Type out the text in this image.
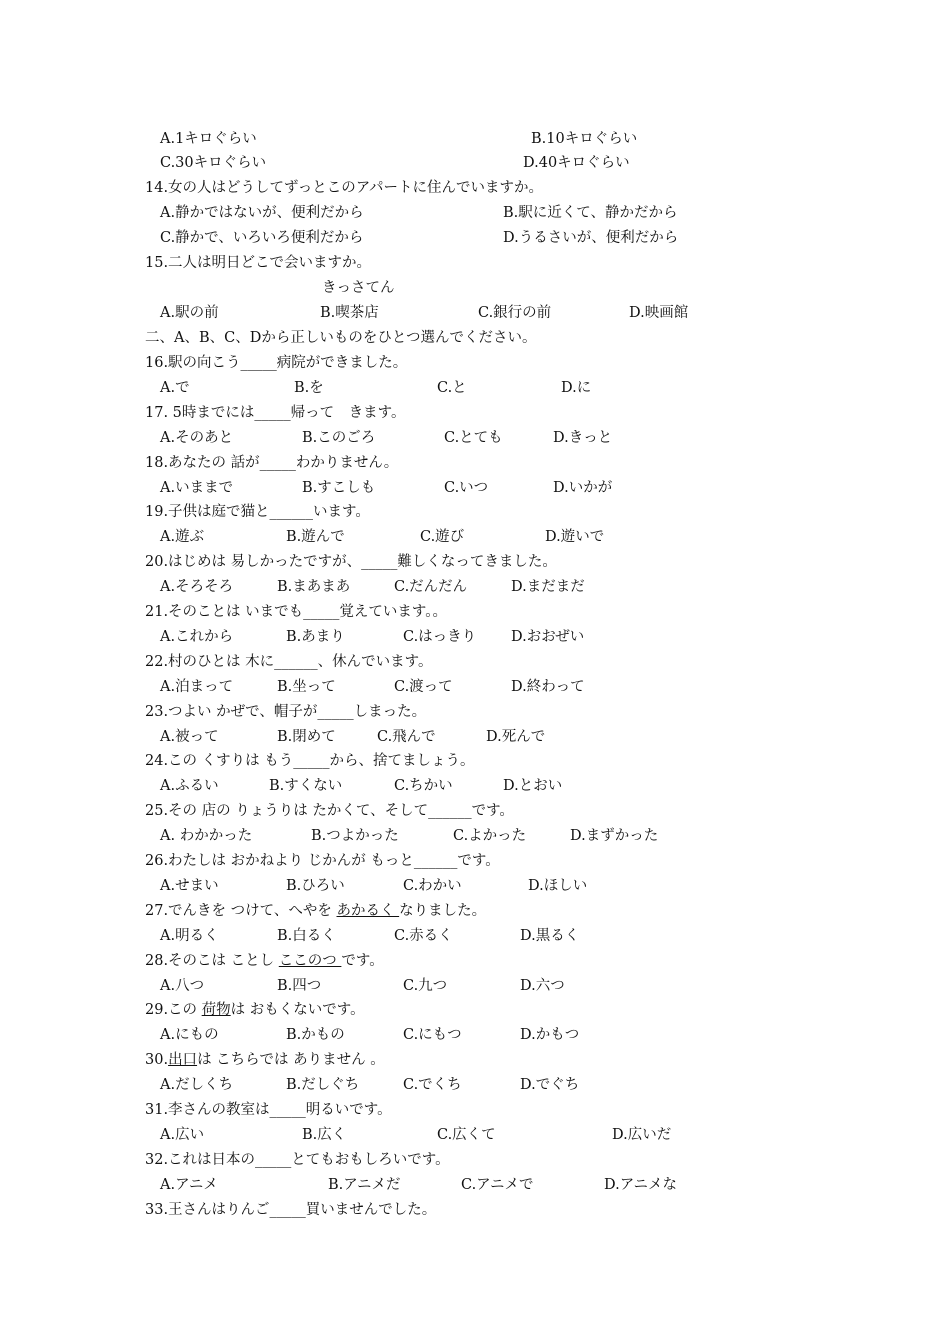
A.1キロぐらい	B.10キロぐらい
C.30キロぐらい	D.40キロぐらい
14.女の人はどうしてずっとこのアパートに住んでいますか。
A.静かではないが、便利だから	B.駅に近くて、静かだから
C.静かで、いろいろ便利だから	D.うるさいが、便利だから
15.二人は明日どこで会いますか。
きっさてん
A.駅の前	B.喫茶店	C.銀行の前	D.映画館
二、A、B、C、Dから正しいものをひとつ選んでください。
16.駅の向こう_____病院ができました。
A.で	B.を	C.と	D.に
17. 5時までには_____帰って　きます。
A.そのあと	B.このごろ	C.とても	D.きっと
18.あなたの 話が_____わかりません。
A.いままで	B.すこしも	C.いつ	D.いかが
19.子供は庭で猫と______います。
A.遊ぶ	B.遊んで	C.遊び	D.遊いで
20.はじめは 易しかったですが、_____難しくなってきました。
A.そろそろ	B.まあまあ	C.だんだん	D.まだまだ
21.そのことは いまでも_____覚えています。。
A.これから	B.あまり	C.はっきり D.おおぜい
22.村のひとは 木に______、休んでいます。
A.泊まって	B.坐って	C.渡って	D.終わって
23.つよい かぜで、帽子が_____しまった。
A.被って	B.閉めて	C.飛んで	D.死んで
24.この くすりは もう_____から、捨てましょう。
A.ふるい	B.すくない	C.ちかい	D.とおい
25.その 店の りょうりは たかくて、そして______です。
A. わかかった	B.つよかった	C.よかった	D.まずかった
26.わたしは おかねより じかんが もっと______です。
A.せまい	B.ひろい	C.わかい	D.ほしい
27.でんきを つけて、へやを あかるく なりました。
A.明るく	B.白るく	C.赤るく	D.黒るく
28.そのこは ことし ここのつ です。
A.八つ	B.四つ	C.九つ	D.六つ
29.この 荷物は おもくないです。
A.にもの	B.かもの	C.にもつ	D.かもつ
30.出口は こちらでは ありません 。
A.だしくち	B.だしぐち	C.でくち	D.でぐち
31.李さんの教室は_____明るいです。
A.広い	B.広く	C.広くて	D.広いだ
32.これは日本の_____とてもおもしろいです。
A.アニメ	B.アニメだ	C.アニメで	D.アニメな
33.王さんはりんご_____買いませんでした。
